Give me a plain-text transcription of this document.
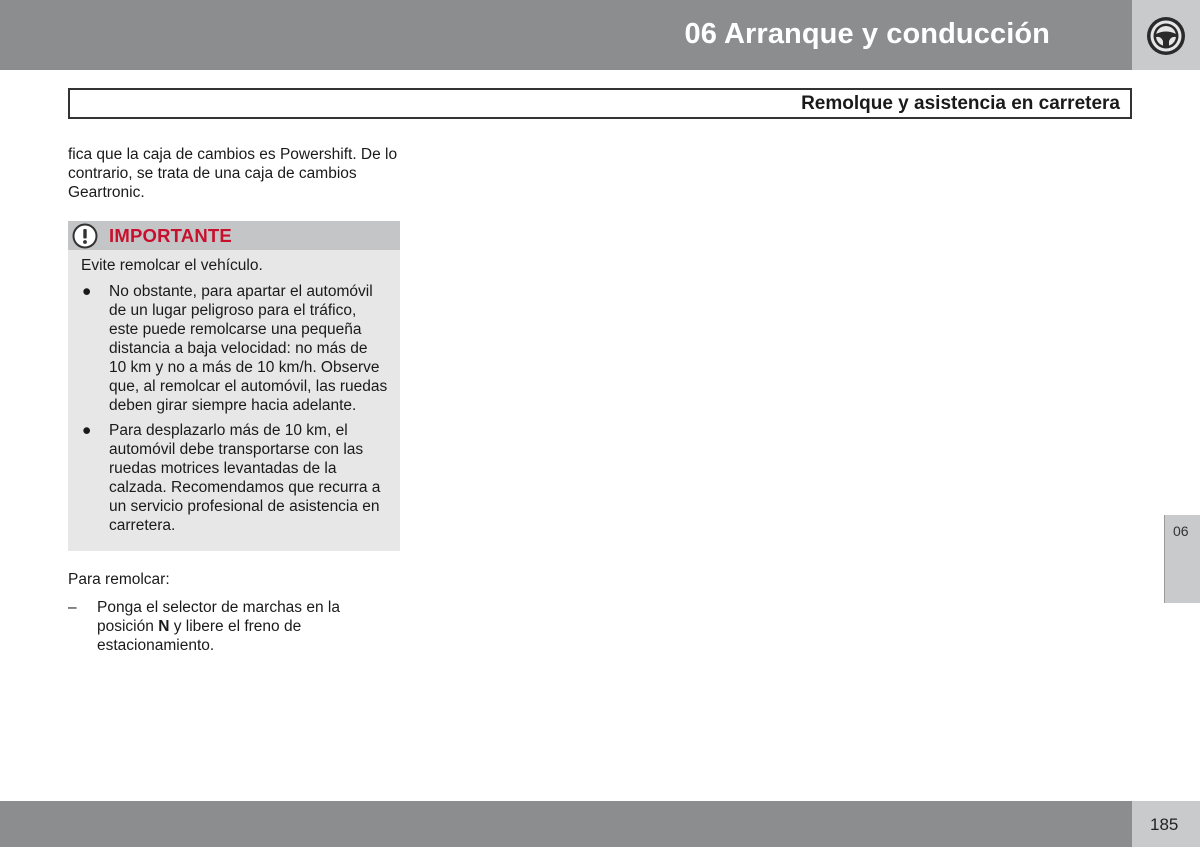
06 Arranque y conducción
Remolque y asistencia en carretera

fica que la caja de cambios es Powershift. De lo contrario, se trata de una caja de cambios Geartronic.

IMPORTANTE

Evite remolcar el vehículo.

● No obstante, para apartar el automóvil de un lugar peligroso para el tráfico, este puede remolcarse una pequeña distancia a baja velocidad: no más de 10 km y no a más de 10 km/h. Observe que, al remolcar el automóvil, las ruedas deben girar siempre hacia adelante.
● Para desplazarlo más de 10 km, el automóvil debe transportarse con las ruedas motrices levantadas de la calzada. Recomendamos que recurra a un servicio profesional de asistencia en carretera.

Para remolcar:

– Ponga el selector de marchas en la posición N y libere el freno de estacionamiento.
06
185
